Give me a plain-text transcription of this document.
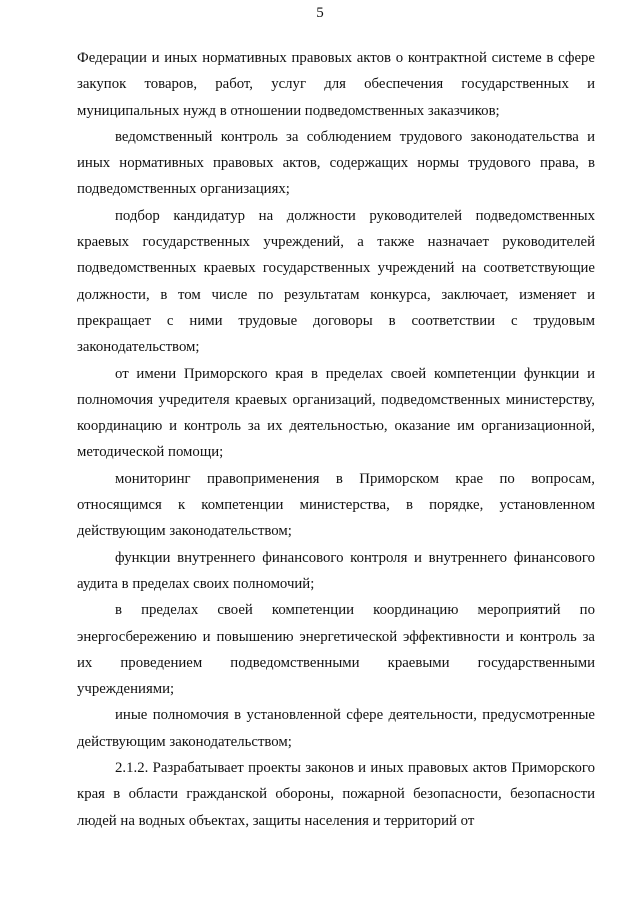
5

Федерации и иных нормативных правовых актов о контрактной системе в сфере закупок товаров, работ, услуг для обеспечения государственных и муниципальных нужд в отношении подведомственных заказчиков;

ведомственный контроль за соблюдением трудового законодательства и иных нормативных правовых актов, содержащих нормы трудового права, в подведомственных организациях;

подбор кандидатур на должности руководителей подведомственных краевых государственных учреждений, а также назначает руководителей подведомственных краевых государственных учреждений на соответствующие должности, в том числе по результатам конкурса, заключает, изменяет и прекращает с ними трудовые договоры в соответствии с трудовым законодательством;

от имени Приморского края в пределах своей компетенции функции и полномочия учредителя краевых организаций, подведомственных министерству, координацию и контроль за их деятельностью, оказание им организационной, методической помощи;

мониторинг правоприменения в Приморском крае по вопросам, относящимся к компетенции министерства, в порядке, установленном действующим законодательством;

функции внутреннего финансового контроля и внутреннего финансового аудита в пределах своих полномочий;

в пределах своей компетенции координацию мероприятий по энергосбережению и повышению энергетической эффективности и контроль за их проведением подведомственными краевыми государственными учреждениями;

иные полномочия в установленной сфере деятельности, предусмотренные действующим законодательством;

2.1.2. Разрабатывает проекты законов и иных правовых актов Приморского края в области гражданской обороны, пожарной безопасности, безопасности людей на водных объектах, защиты населения и территорий от
